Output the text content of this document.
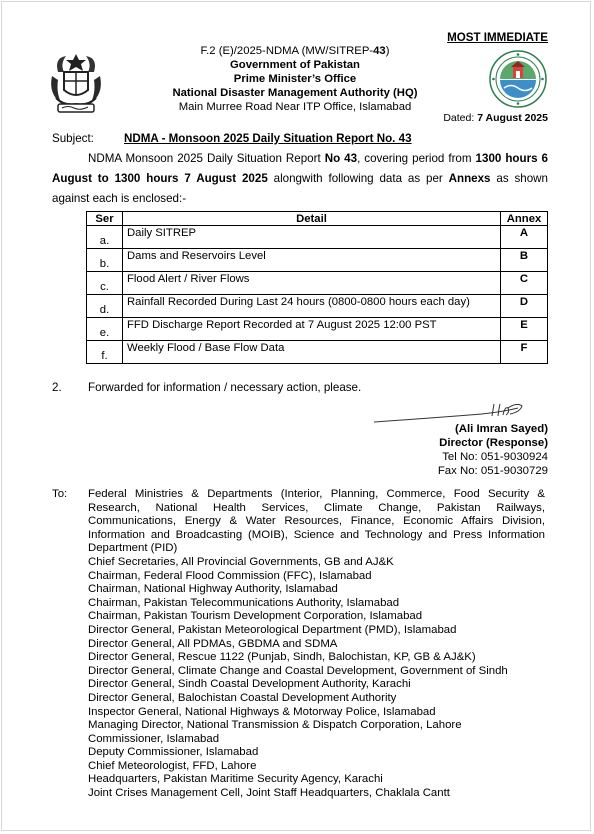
MOST IMMEDIATE
F.2 (E)/2025-NDMA (MW/SITREP-43)
Government of Pakistan
Prime Minister’s Office
National Disaster Management Authority (HQ)
Main Murree Road Near ITP Office, Islamabad
Dated: 7 August 2025
Subject:	NDMA - Monsoon 2025 Daily Situation Report No. 43
NDMA Monsoon 2025 Daily Situation Report No 43, covering period from 1300 hours 6 August to 1300 hours 7 August 2025 alongwith following data as per Annexs as shown against each is enclosed:-
Ser	Detail	Annex
a.	Daily SITREP	A
b.	Dams and Reservoirs Level	B
c.	Flood Alert / River Flows	C
d.	Rainfall Recorded During Last 24 hours (0800-0800 hours each day)	D
e.	FFD Discharge Report Recorded at 7 August 2025 12:00 PST	E
f.	Weekly Flood / Base Flow Data	F
2. Forwarded for information / necessary action, please.
(Ali Imran Sayed)
Director (Response)
Tel No: 051-9030924
Fax No: 051-9030729
To: Federal Ministries & Departments (Interior, Planning, Commerce, Food Security & Research, National Health Services, Climate Change, Pakistan Railways, Communications, Energy & Water Resources, Finance, Economic Affairs Division, Information and Broadcasting (MOIB), Science and Technology and Press Information Department (PID)
Chief Secretaries, All Provincial Governments, GB and AJ&K
Chairman, Federal Flood Commission (FFC), Islamabad
Chairman, National Highway Authority, Islamabad
Chairman, Pakistan Telecommunications Authority, Islamabad
Chairman, Pakistan Tourism Development Corporation, Islamabad
Director General, Pakistan Meteorological Department (PMD), Islamabad
Director General, All PDMAs, GBDMA and SDMA
Director General, Rescue 1122 (Punjab, Sindh, Balochistan, KP, GB & AJ&K)
Director General, Climate Change and Coastal Development, Government of Sindh
Director General, Sindh Coastal Development Authority, Karachi
Director General, Balochistan Coastal Development Authority
Inspector General, National Highways & Motorway Police, Islamabad
Managing Director, National Transmission & Dispatch Corporation, Lahore
Commissioner, Islamabad
Deputy Commissioner, Islamabad
Chief Meteorologist, FFD, Lahore
Headquarters, Pakistan Maritime Security Agency, Karachi
Joint Crises Management Cell, Joint Staff Headquarters, Chaklala Cantt
